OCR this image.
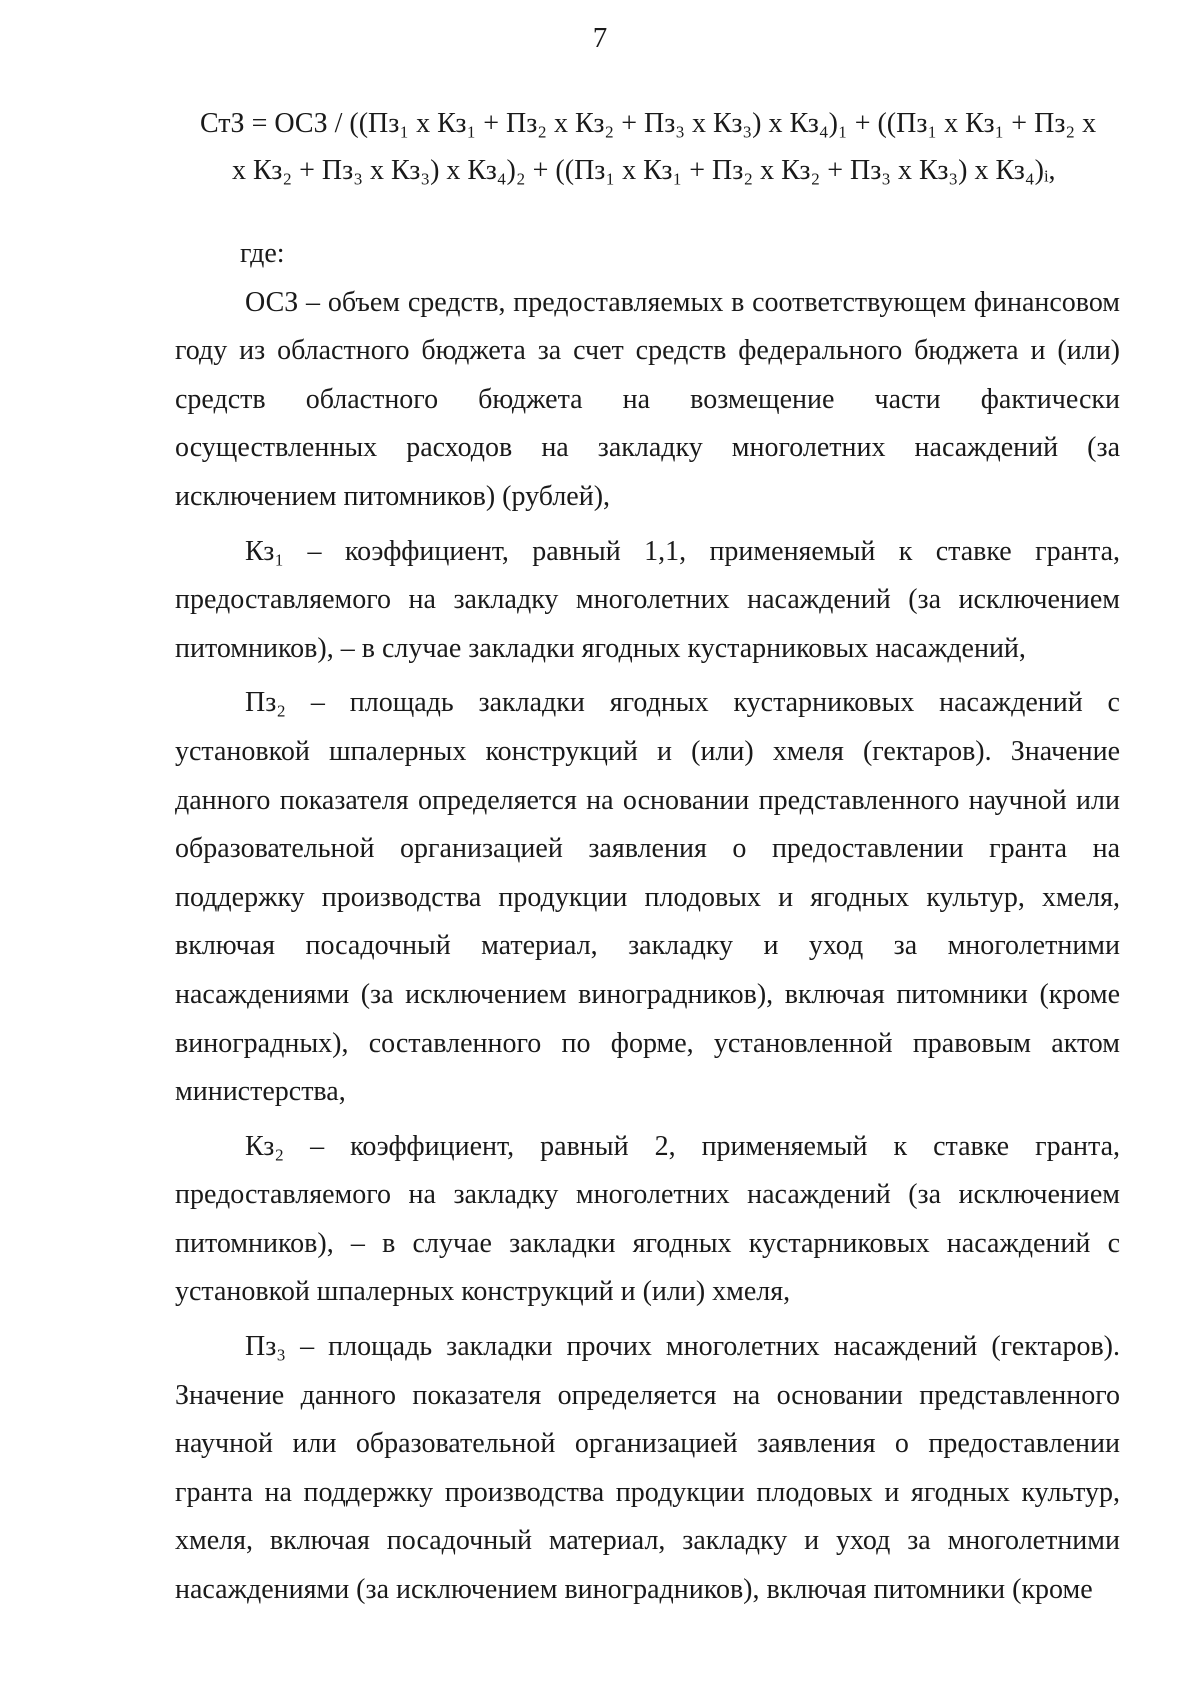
7
СтЗ = ОСЗ / ((Пз₁ х Кз₁ + Пз₂ х Кз₂ + Пз₃ х Кз₃) х Кз₄)₁ + ((Пз₁ х Кз₁ + Пз₂ х
х Кз₂ + Пз₃ х Кз₃) х Кз₄)₂ + ((Пз₁ х Кз₁ + Пз₂ х Кз₂ + Пз₃ х Кз₃) х Кз₄)ᵢ,

где:

ОСЗ – объем средств, предоставляемых в соответствующем финансовом году из областного бюджета за счет средств федерального бюджета и (или) средств областного бюджета на возмещение части фактически осуществленных расходов на закладку многолетних насаждений (за исключением питомников) (рублей),

Кз₁ – коэффициент, равный 1,1, применяемый к ставке гранта, предоставляемого на закладку многолетних насаждений (за исключением питомников), – в случае закладки ягодных кустарниковых насаждений,

Пз₂ – площадь закладки ягодных кустарниковых насаждений с установкой шпалерных конструкций и (или) хмеля (гектаров). Значение данного показателя определяется на основании представленного научной или образовательной организацией заявления о предоставлении гранта на поддержку производства продукции плодовых и ягодных культур, хмеля, включая посадочный материал, закладку и уход за многолетними насаждениями (за исключением виноградников), включая питомники (кроме виноградных), составленного по форме, установленной правовым актом министерства,

Кз₂ – коэффициент, равный 2, применяемый к ставке гранта, предоставляемого на закладку многолетних насаждений (за исключением питомников), – в случае закладки ягодных кустарниковых насаждений с установкой шпалерных конструкций и (или) хмеля,

Пз₃ – площадь закладки прочих многолетних насаждений (гектаров). Значение данного показателя определяется на основании представленного научной или образовательной организацией заявления о предоставлении гранта на поддержку производства продукции плодовых и ягодных культур, хмеля, включая посадочный материал, закладку и уход за многолетними насаждениями (за исключением виноградников), включая питомники (кроме
